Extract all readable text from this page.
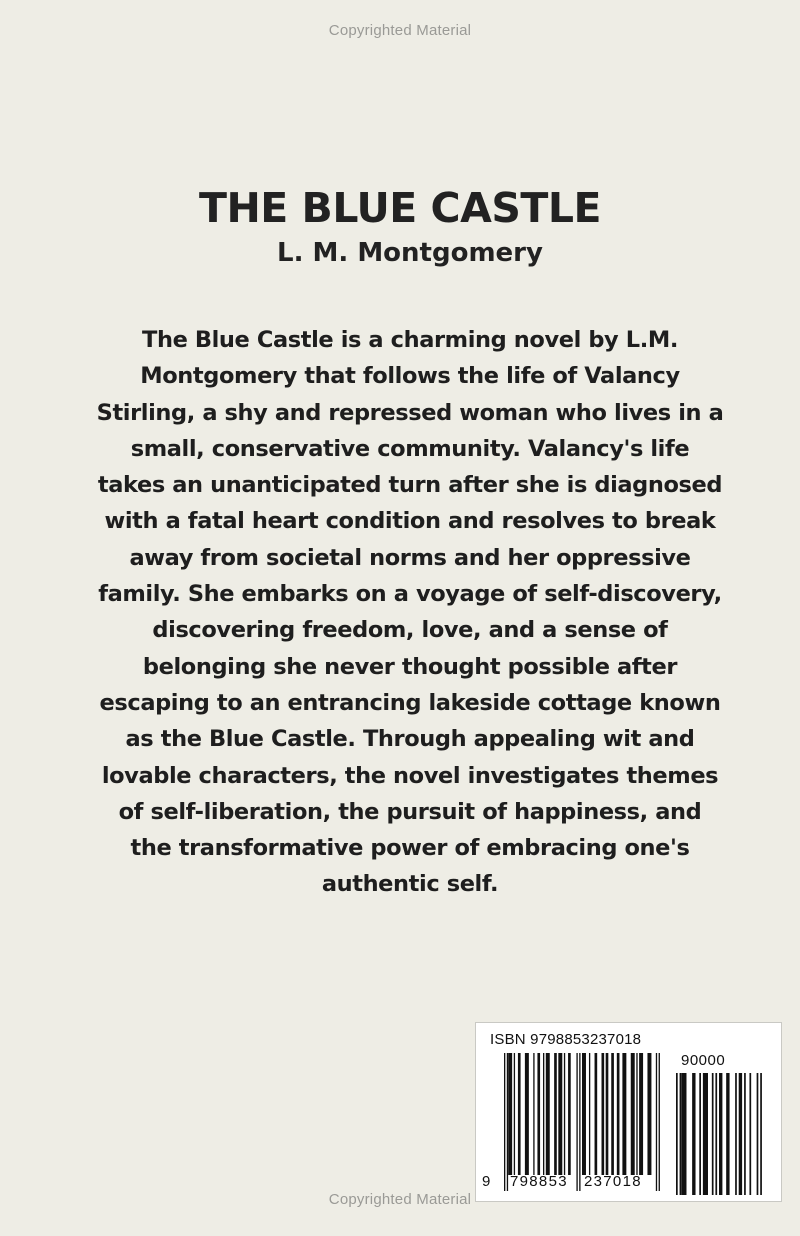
Copyrighted Material
THE BLUE CASTLE
L. M. Montgomery
The Blue Castle is a charming novel by L.M.
Montgomery that follows the life of Valancy
Stirling, a shy and repressed woman who lives in a
small, conservative community. Valancy's life
takes an unanticipated turn after she is diagnosed
with a fatal heart condition and resolves to break
away from societal norms and her oppressive
family. She embarks on a voyage of self-discovery,
discovering freedom, love, and a sense of
belonging she never thought possible after
escaping to an entrancing lakeside cottage known
as the Blue Castle. Through appealing wit and
lovable characters, the novel investigates themes
of self-liberation, the pursuit of happiness, and
the transformative power of embracing one's
authentic self.
ISBN 9798853237018
90000
9 798853 237018
Copyrighted Material
